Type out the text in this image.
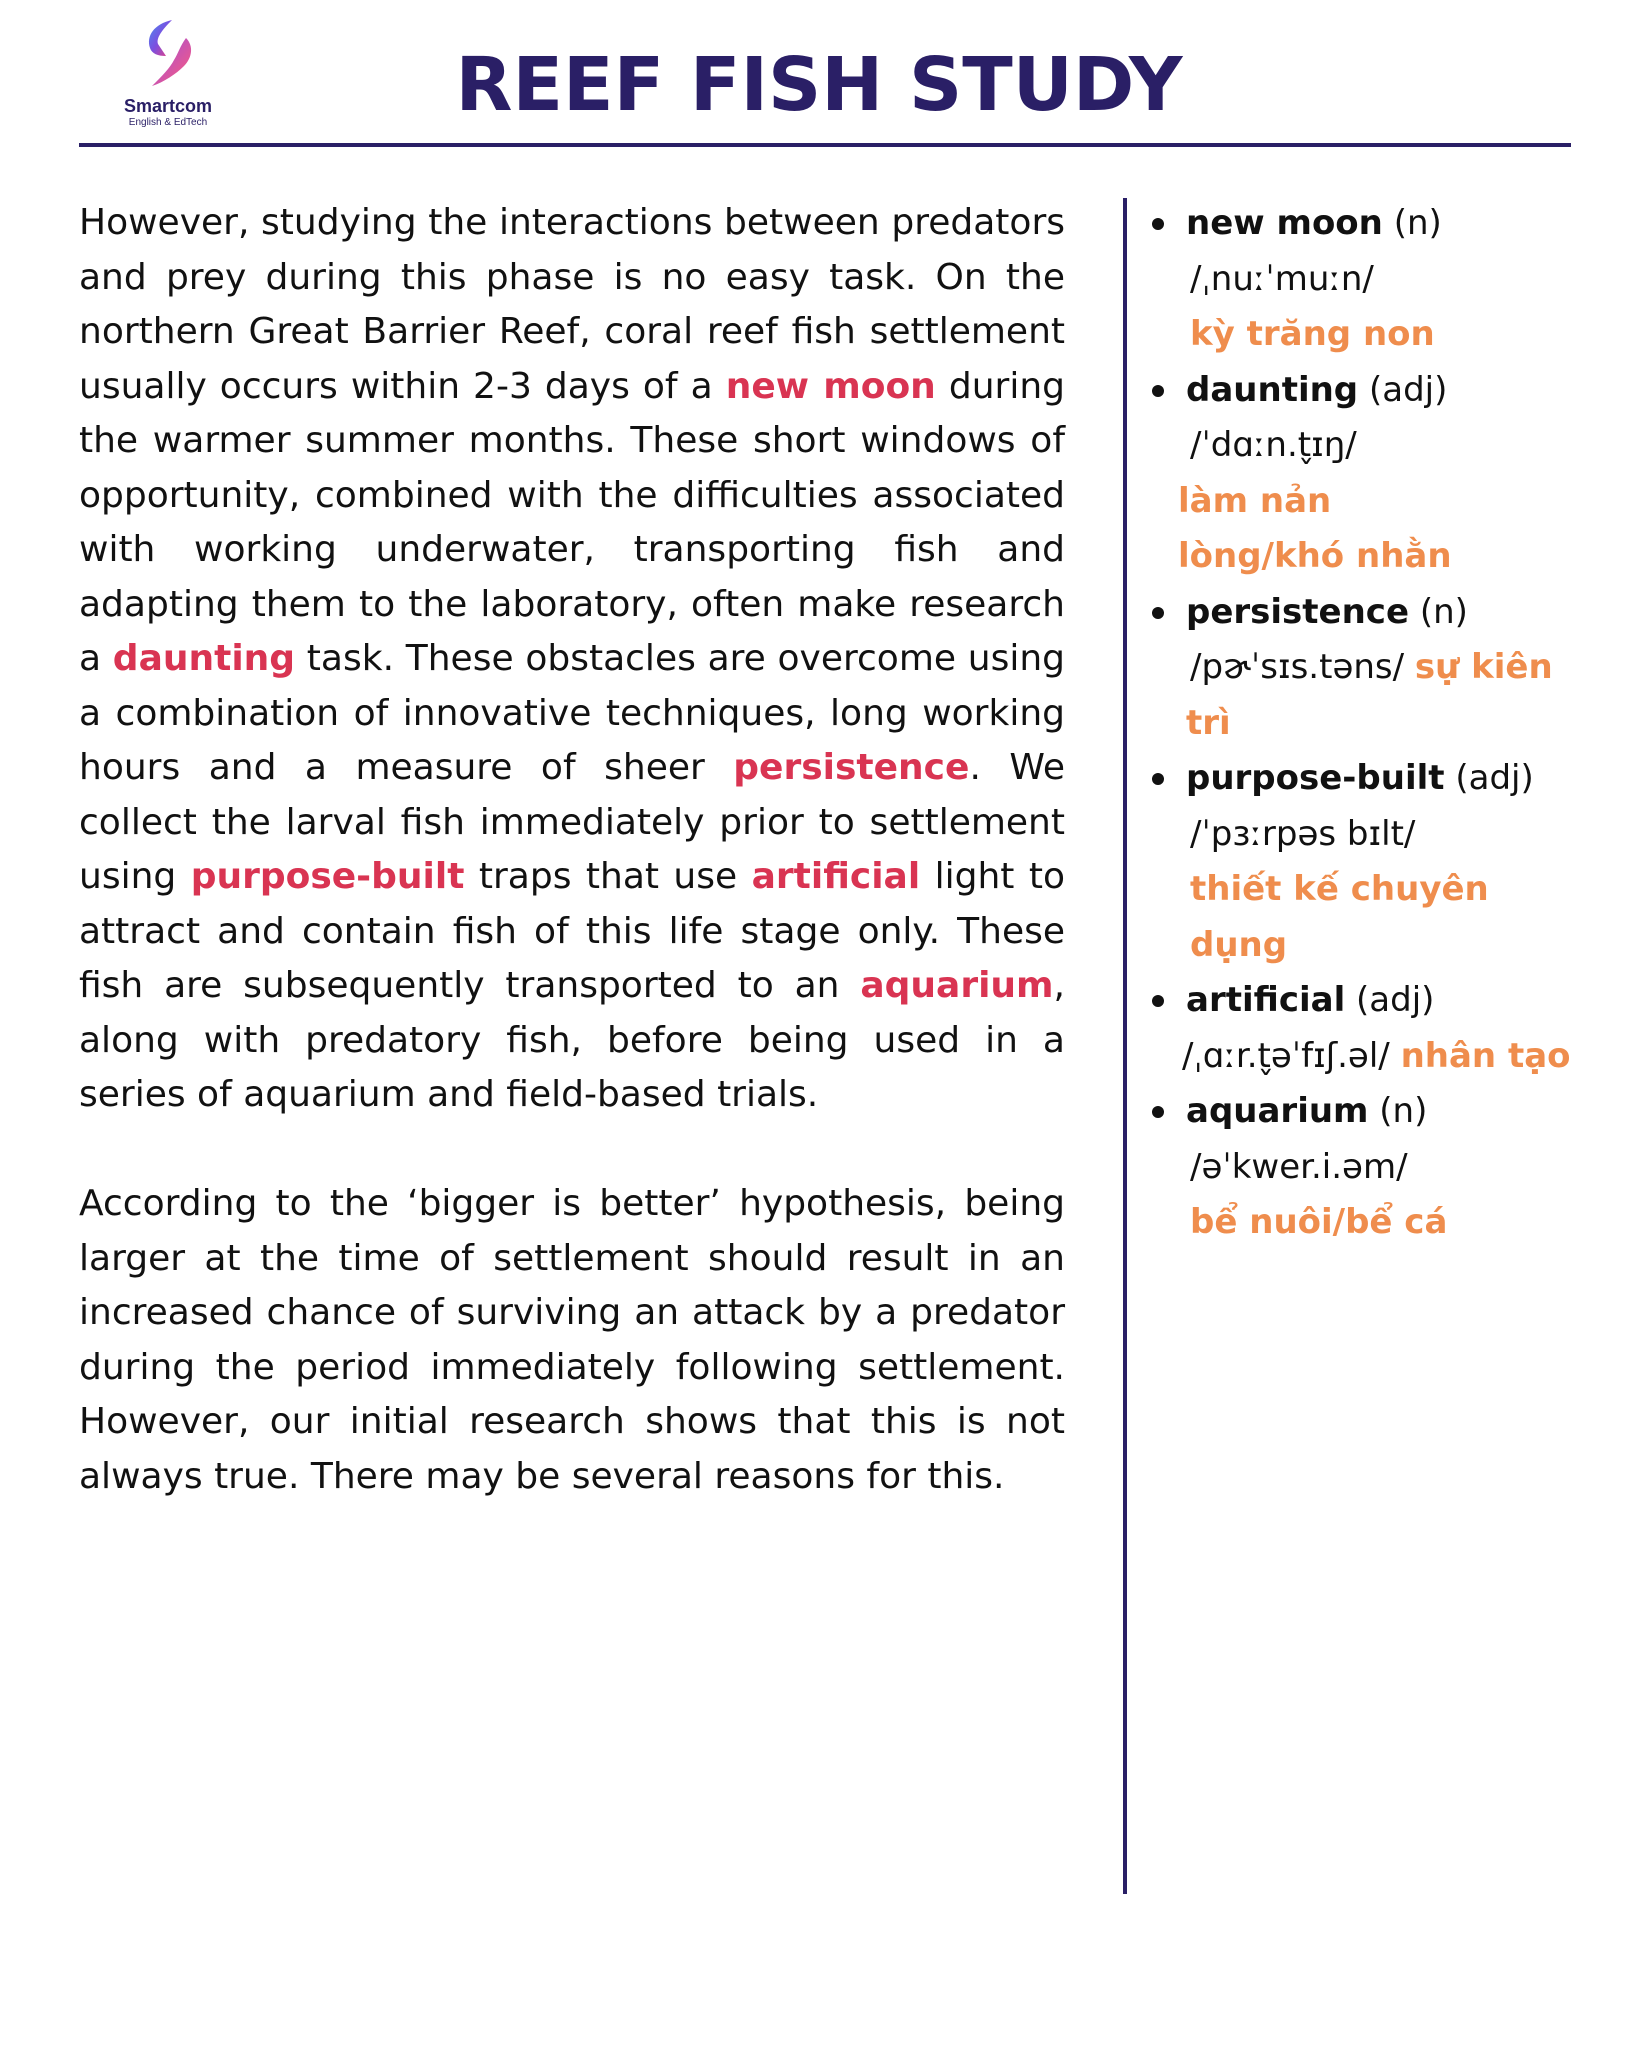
Smartcom
English & EdTech	REEF FISH STUDY

However, studying the interactions between predators and prey during this phase is no easy task. On the northern Great Barrier Reef, coral reef fish settlement usually occurs within 2-3 days of a new moon during the warmer summer months. These short windows of opportunity, combined with the difficulties associated with working underwater, transporting fish and adapting them to the laboratory, often make research a daunting task. These obstacles are overcome using a combination of innovative techniques, long working hours and a measure of sheer persistence. We collect the larval fish immediately prior to settlement using purpose-built traps that use artificial light to attract and contain fish of this life stage only. These fish are subsequently transported to an aquarium, along with predatory fish, before being used in a series of aquarium and field-based trials.

According to the ‘bigger is better’ hypothesis, being larger at the time of settlement should result in an increased chance of surviving an attack by a predator during the period immediately following settlement. However, our initial research shows that this is not always true. There may be several reasons for this.

new moon (n)
/ˌnuːˈmuːn/
kỳ trăng non
daunting (adj)
/ˈdɑːn.t̬ɪŋ/
làm nản lòng/khó nhằn
persistence (n)
/pɚˈsɪs.təns/ sự kiên trì
purpose-built (adj)
/ˈpɜːrpəs bɪlt/
thiết kế chuyên dụng
artificial (adj)
/ˌɑːr.t̬əˈfɪʃ.əl/ nhân tạo
aquarium (n)
/əˈkwer.i.əm/
bể nuôi/bể cá
